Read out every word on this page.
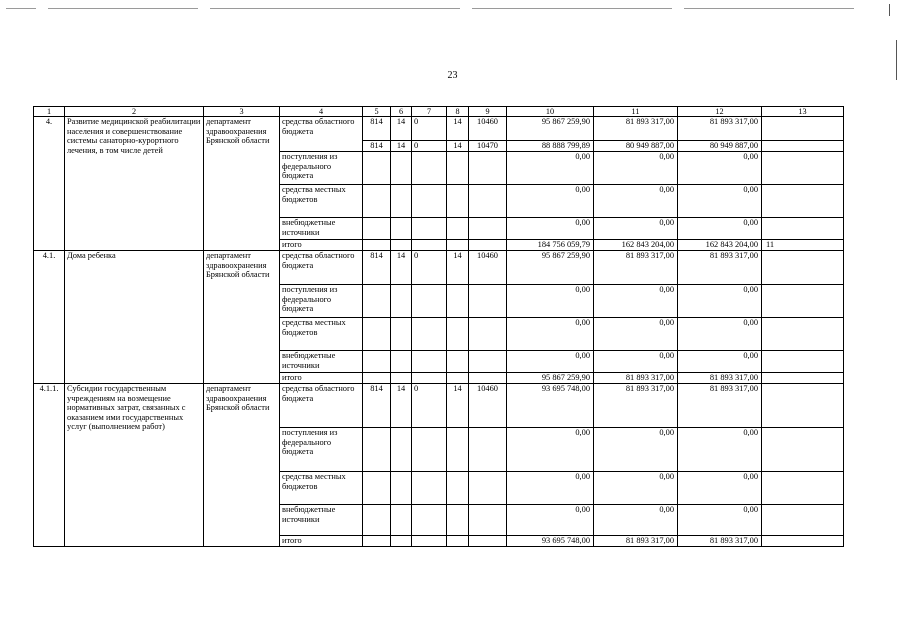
23
1	2	3	4	5	6	7	8	9	10	11	12	13
4.	Развитие медицинской реабилитации населения и совершенствование системы санаторно-курортного лечения, в том числе детей	департамент здравоохранения Брянской области	средства областного бюджета	814	14	0	14	10460	95 867 259,90	81 893 317,00	81 893 317,00	
				814	14	0	14	10470	88 888 799,89	80 949 887,00	80 949 887,00	
			поступления из федерального бюджета						0,00	0,00	0,00	
			средства местных бюджетов						0,00	0,00	0,00	
			внебюджетные источники						0,00	0,00	0,00	
			итого						184 756 059,79	162 843 204,00	162 843 204,00	11
4.1.	Дома ребенка	департамент здравоохранения Брянской области	средства областного бюджета	814	14	0	14	10460	95 867 259,90	81 893 317,00	81 893 317,00	
			поступления из федерального бюджета						0,00	0,00	0,00	
			средства местных бюджетов						0,00	0,00	0,00	
			внебюджетные источники						0,00	0,00	0,00	
			итого						95 867 259,90	81 893 317,00	81 893 317,00	
4.1.1.	Субсидии государственным учреждениям на возмещение нормативных затрат, связанных с оказанием ими государственных услуг (выполнением работ)	департамент здравоохранения Брянской области	средства областного бюджета	814	14	0	14	10460	93 695 748,00	81 893 317,00	81 893 317,00	
			поступления из федерального бюджета						0,00	0,00	0,00	
			средства местных бюджетов						0,00	0,00	0,00	
			внебюджетные источники						0,00	0,00	0,00	
			итого						93 695 748,00	81 893 317,00	81 893 317,00	
